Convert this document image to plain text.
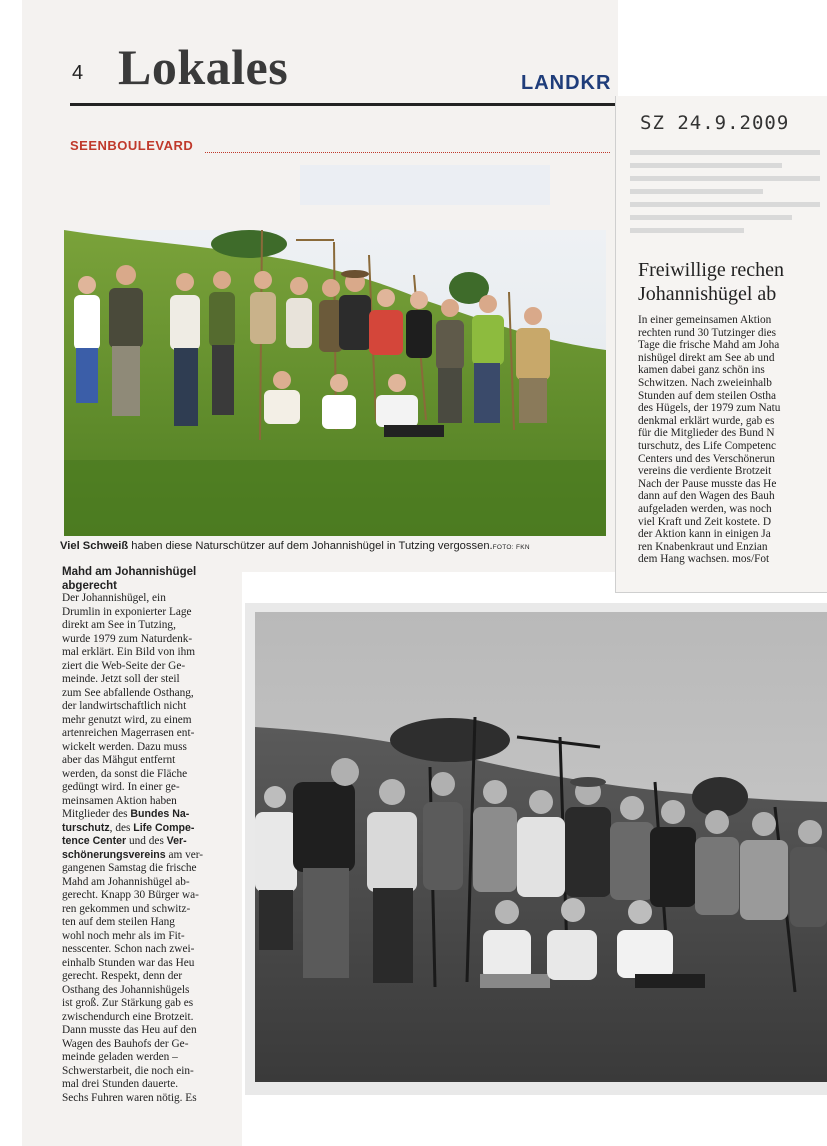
4 Lokales	LANDKR
SEENBOULEVARD
Viel Schweiß haben diese Naturschützer auf dem Johannishügel in Tutzing vergossen.FOTO: FKN
Mahd am Johannishügel
abgerecht
Der Johannishügel, ein
Drumlin in exponierter Lage
direkt am See in Tutzing,
wurde 1979 zum Naturdenk-
mal erklärt. Ein Bild von ihm
ziert die Web-Seite der Ge-
meinde. Jetzt soll der steil
zum See abfallende Osthang,
der landwirtschaftlich nicht
mehr genutzt wird, zu einem
artenreichen Magerrasen ent-
wickelt werden. Dazu muss
aber das Mähgut entfernt
werden, da sonst die Fläche
gedüngt wird. In einer ge-
meinsamen Aktion haben
Mitglieder des Bundes Na-
turschutz, des Life Compe-
tence Center und des Ver-
schönerungsvereins am ver-
gangenen Samstag die frische
Mahd am Johannishügel ab-
gerecht. Knapp 30 Bürger wa-
ren gekommen und schwitz-
ten auf dem steilen Hang
wohl noch mehr als im Fit-
nesscenter. Schon nach zwei-
einhalb Stunden war das Heu
gerecht. Respekt, denn der
Osthang des Johannishügels
ist groß. Zur Stärkung gab es
zwischendurch eine Brotzeit.
Dann musste das Heu auf den
Wagen des Bauhofs der Ge-
meinde geladen werden –
Schwerstarbeit, die noch ein-
mal drei Stunden dauerte.
Sechs Fuhren waren nötig. Es
SZ 24.9.2009
Freiwillige rechen
Johannishügel ab
In einer gemeinsamen Aktion
rechten rund 30 Tutzinger dies
Tage die frische Mahd am Joha
nishügel direkt am See ab und
kamen dabei ganz schön ins
Schwitzen. Nach zweieinhalb
Stunden auf dem steilen Ostha
des Hügels, der 1979 zum Natu
denkmal erklärt wurde, gab es
für die Mitglieder des Bund N
turschutz, des Life Competenc
Centers und des Verschönerun
vereins die verdiente Brotzeit
Nach der Pause musste das He
dann auf den Wagen des Bauh
aufgeladen werden, was noch
viel Kraft und Zeit kostete. D
der Aktion kann in einigen Ja
ren Knabenkraut und Enzian
dem Hang wachsen. mos/Fot
